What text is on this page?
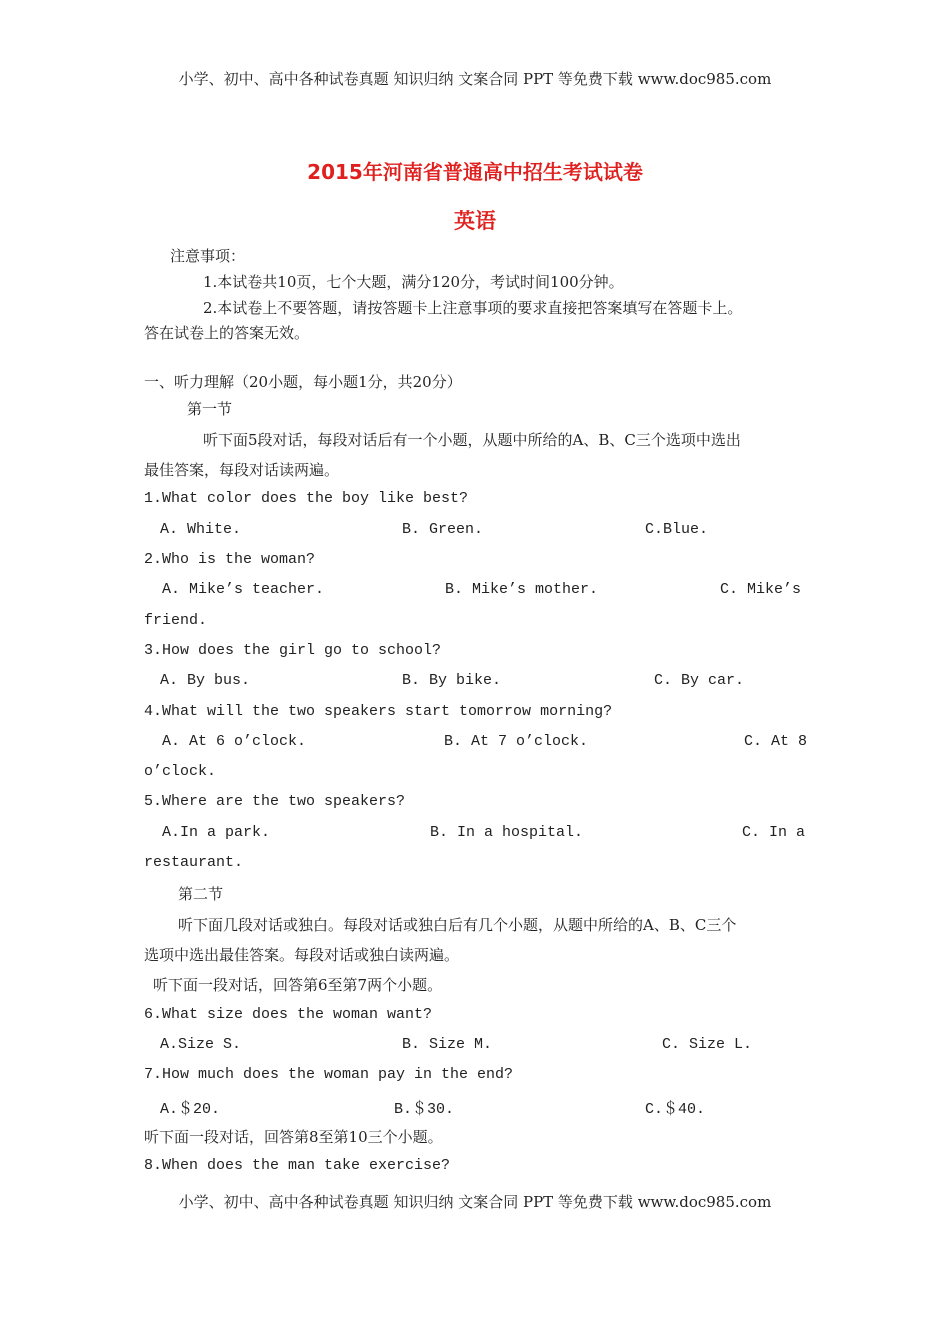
小学、初中、高中各种试卷真题 知识归纳 文案合同 PPT 等免费下载 www.doc985.com
2015年河南省普通高中招生考试试卷
英语
注意事项：
1.本试卷共10页，七个大题，满分120分，考试时间100分钟。
2.本试卷上不要答题，请按答题卡上注意事项的要求直接把答案填写在答题卡上。
答在试卷上的答案无效。
一、听力理解（20小题，每小题1分，共20分）
第一节
听下面5段对话，每段对话后有一个小题，从题中所给的A、B、C三个选项中选出
最佳答案，每段对话读两遍。
1.What color does the boy like best?
A. White.	B. Green.	C.Blue.
2.Who is the woman?
A. Mike’s teacher.	B. Mike’s mother.	C. Mike’s
friend.
3.How does the girl go to school?
A. By bus.	B. By bike.	C. By car.
4.What will the two speakers start tomorrow morning?
A. At 6 o’clock.	B. At 7 o’clock.	C. At 8
o’clock.
5.Where are the two speakers?
A.In a park.	B. In a hospital.	C. In a
restaurant.
第二节
听下面几段对话或独白。每段对话或独白后有几个小题，从题中所给的A、B、C三个
选项中选出最佳答案。每段对话或独白读两遍。
听下面一段对话，回答第6至第7两个小题。
6.What size does the woman want?
A.Size S.	B. Size M.	C. Size L.
7.How much does the woman pay in the end?
A.＄20.	B.＄30.	C.＄40.
听下面一段对话，回答第8至第10三个小题。
8.When does the man take exercise?
小学、初中、高中各种试卷真题 知识归纳 文案合同 PPT 等免费下载 www.doc985.com
